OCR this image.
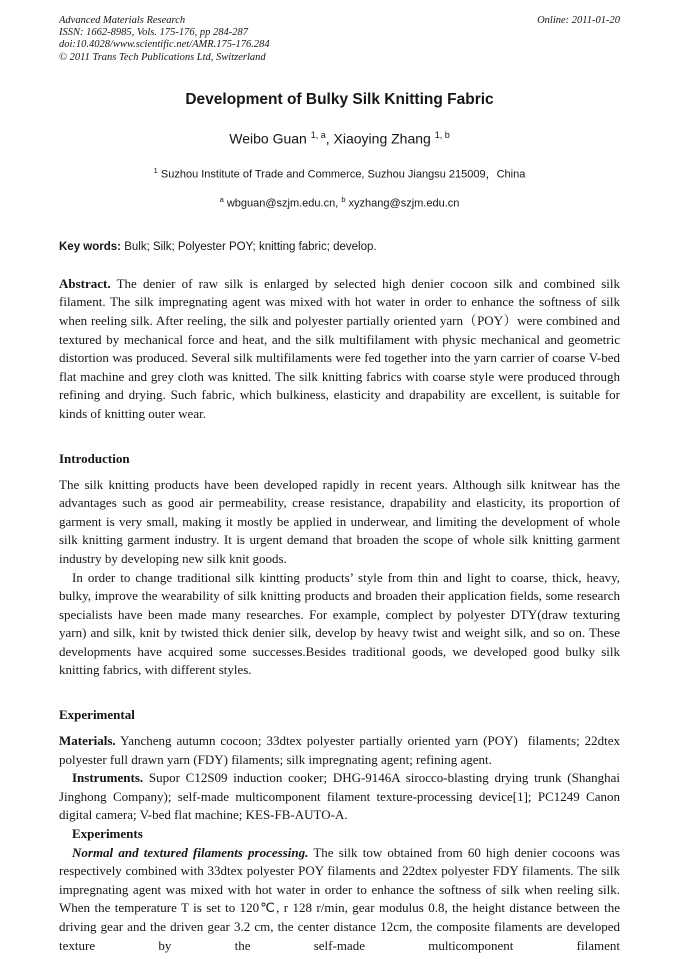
Advanced Materials Research
ISSN: 1662-8985, Vols. 175-176, pp 284-287
doi:10.4028/www.scientific.net/AMR.175-176.284
© 2011 Trans Tech Publications Ltd, Switzerland
Online: 2011-01-20
Development of Bulky Silk Knitting Fabric
Weibo Guan $^{1, a}$, Xiaoying Zhang $^{1, b}$
$^1$ Suzhou Institute of Trade and Commerce, Suzhou Jiangsu 215009，China
$^a$ wbguan@szjm.edu.cn, $^b$ xyzhang@szjm.edu.cn
Key words: Bulk; Silk; Polyester POY; knitting fabric; develop.

Abstract. The denier of raw silk is enlarged by selected high denier cocoon silk and combined silk filament. The silk impregnating agent was mixed with hot water in order to enhance the softness of silk when reeling silk. After reeling, the silk and polyester partially oriented yarn（POY）were combined and textured by mechanical force and heat, and the silk multifilament with physic mechanical and geometric distortion was produced. Several silk multifilaments were fed together into the yarn carrier of coarse V-bed flat machine and grey cloth was knitted. The silk knitting fabrics with coarse style were produced through refining and drying. Such fabric, which bulkiness, elasticity and drapability are excellent, is suitable for kinds of knitting outer wear.

Introduction

The silk knitting products have been developed rapidly in recent years. Although silk knitwear has the advantages such as good air permeability, crease resistance, drapability and elasticity, its proportion of garment is very small, making it mostly be applied in underwear, and limiting the development of whole silk knitting garment industry. It is urgent demand that broaden the scope of whole silk knitting garment industry by developing new silk knit goods.

In order to change traditional silk kintting products’ style from thin and light to coarse, thick, heavy, bulky, improve the wearability of silk knitting products and broaden their application fields, some research specialists have been made many researches. For example, complect by polyester DTY(draw texturing yarn) and silk, knit by twisted thick denier silk, develop by heavy twist and weight silk, and so on. These developments have acquired some successes.Besides traditional goods, we developed good bulky silk knitting fabrics, with different styles.

Experimental

Materials. Yancheng autumn cocoon; 33dtex polyester partially oriented yarn (POY)  filaments; 22dtex polyester full drawn yarn (FDY) filaments; silk impregnating agent; refining agent.

Instruments. Supor C12S09 induction cooker; DHG-9146A sirocco-blasting drying trunk (Shanghai Jinghong Company); self-made multicomponent filament texture-processing device[1]; PC1249 Canon digital camera; V-bed flat machine; KES-FB-AUTO-A.

Experiments

Normal and textured filaments processing. The silk tow obtained from 60 high denier cocoons was respectively combined with 33dtex polyester POY filaments and 22dtex polyester FDY filaments. The silk impregnating agent was mixed with hot water in order to enhance the softness of silk when reeling silk. When the temperature T is set to 120℃, r 128 r/min, gear modulus 0.8, the height distance between the driving gear and the driven gear 3.2 cm, the center distance 12cm, the composite filaments are developed texture by the self-made multicomponent filament
